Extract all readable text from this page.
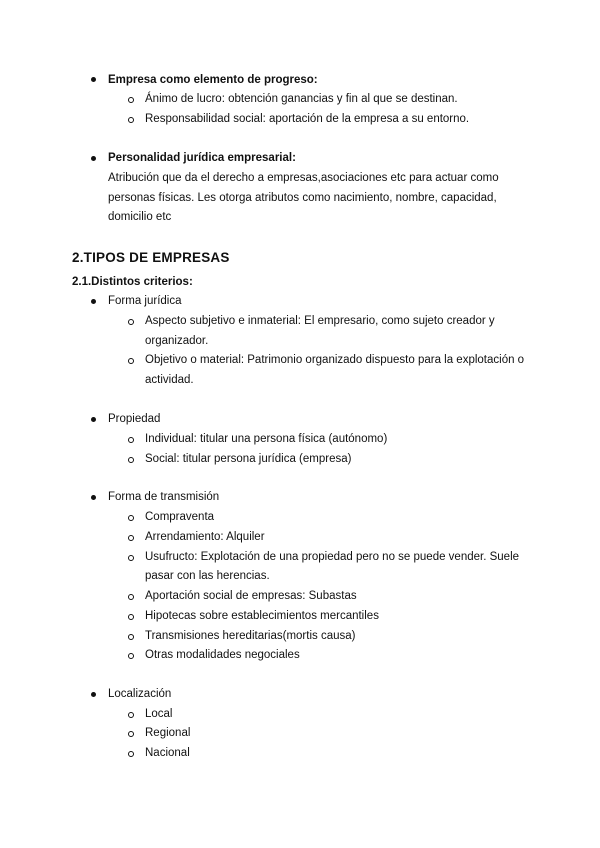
Empresa como elemento de progreso:
Ánimo de lucro: obtención ganancias y fin al que se destinan.
Responsabilidad social: aportación de la empresa a su entorno.
Personalidad jurídica empresarial:
Atribución que da el derecho a empresas,asociaciones etc para actuar como
personas físicas. Les otorga atributos como nacimiento, nombre, capacidad,
domicilio etc
2.TIPOS DE EMPRESAS
2.1.Distintos criterios:
Forma jurídica
Aspecto subjetivo e inmaterial: El empresario, como sujeto creador y
organizador.
Objetivo o material: Patrimonio organizado dispuesto para la explotación o
actividad.
Propiedad
Individual: titular una persona física (autónomo)
Social: titular persona jurídica (empresa)
Forma de transmisión
Compraventa
Arrendamiento: Alquiler
Usufructo: Explotación de una propiedad pero no se puede vender. Suele
pasar con las herencias.
Aportación social de empresas: Subastas
Hipotecas sobre establecimientos mercantiles
Transmisiones hereditarias(mortis causa)
Otras modalidades negociales
Localización
Local
Regional
Nacional
